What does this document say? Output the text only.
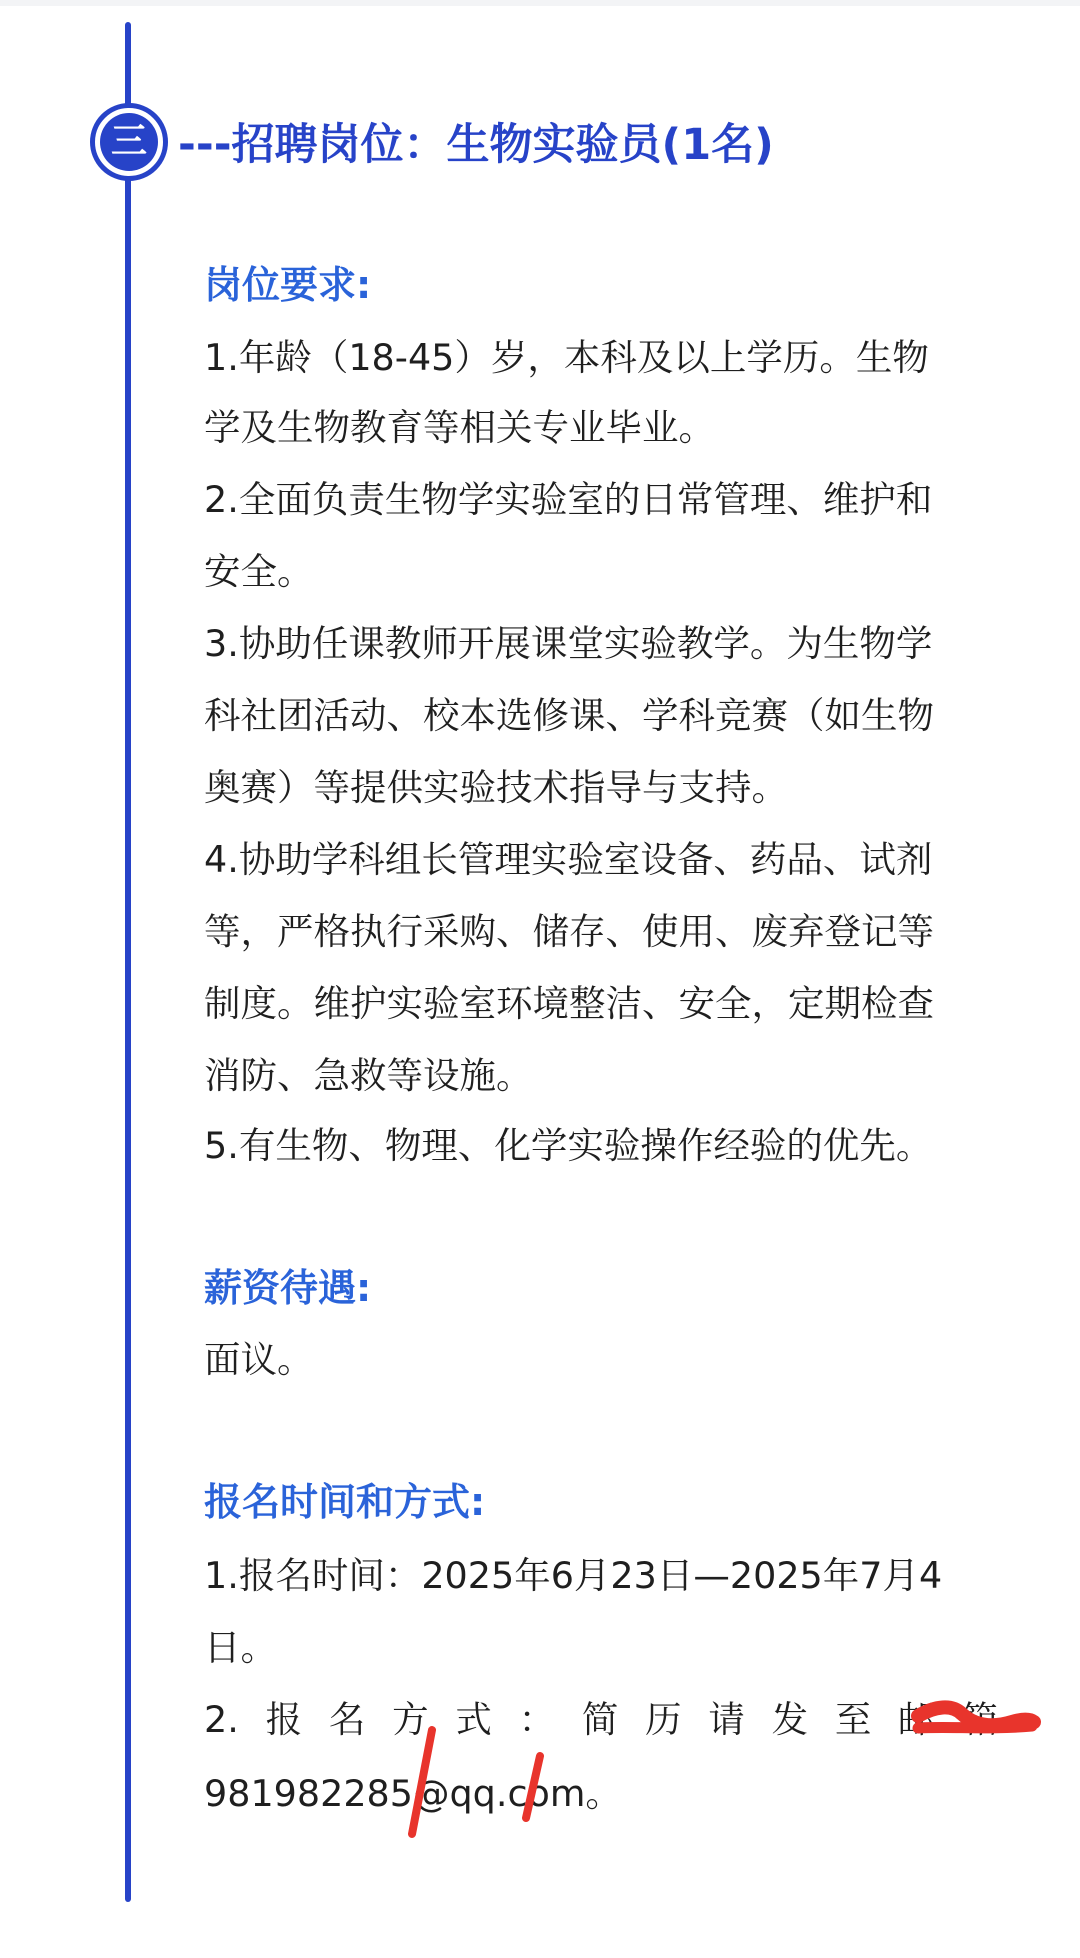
三 ---招聘岗位：生物实验员(1名)
岗位要求:
1.年龄（18-45）岁，本科及以上学历。生物
学及生物教育等相关专业毕业。
2.全面负责生物学实验室的日常管理、维护和
安全。
3.协助任课教师开展课堂实验教学。为生物学
科社团活动、校本选修课、学科竞赛（如生物
奥赛）等提供实验技术指导与支持。
4.协助学科组长管理实验室设备、药品、试剂
等，严格执行采购、储存、使用、废弃登记等
制度。维护实验室环境整洁、安全，定期检查
消防、急救等设施。
5.有生物、物理、化学实验操作经验的优先。
薪资待遇:
面议。
报名时间和方式:
1.报名时间：2025年6月23日—2025年7月4
日。
2. 报 名 方 式 ： 简 历 请 发 至 邮 箱
981982285@qq.com。
